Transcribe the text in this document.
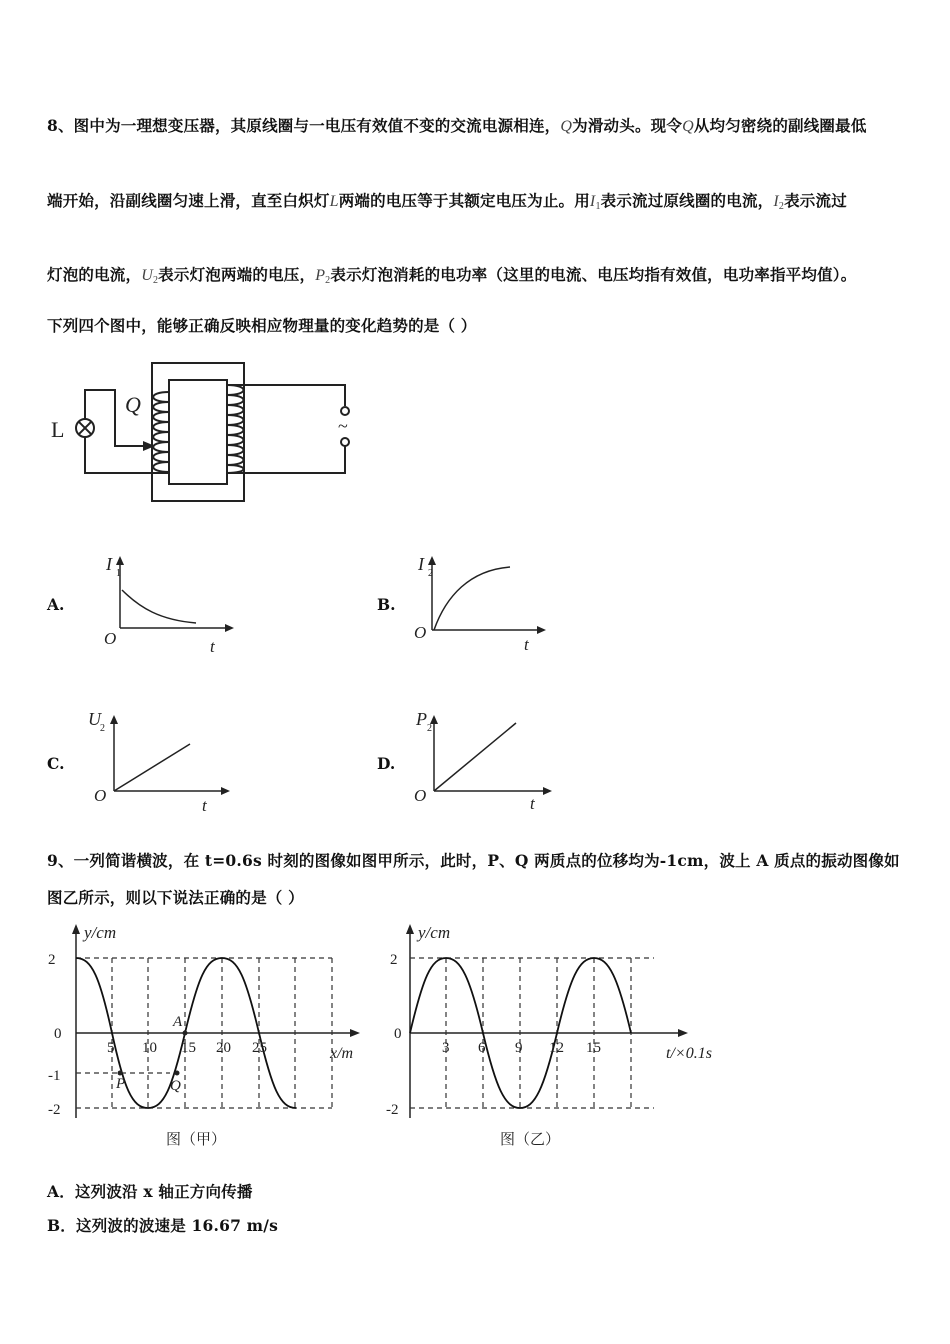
8、图中为一理想变压器，其原线圈与一电压有效值不变的交流电源相连，Q为滑动头。现令Q从均匀密绕的副线圈最低
端开始，沿副线圈匀速上滑，直至白炽灯L两端的电压等于其额定电压为止。用$I_1$表示流过原线圈的电流，$I_2$表示流过
灯泡的电流，$U_2$表示灯泡两端的电压，$P_2$表示灯泡消耗的电功率（这里的电流、电压均指有效值，电功率指平均值）。
下列四个图中，能够正确反映相应物理量的变化趋势的是（ ）
L
Q
~
A.
I 1
O	t
B.
I 2
O
t
C.
U 2
O
t
D.
P 2
O	t
9、一列简谐横波，在 t=0.6s 时刻的图像如图甲所示，此时，P、Q 两质点的位移均为-1cm，波上 A 质点的振动图像如
图乙所示，则以下说法正确的是（ ）
y/cm
x/m
2
0
-1
-2
5 10 15 20 25
A
P	Q
图（甲）
y/cm
t/×0.1s
2
0
-2
3 6 9 12 15
图（乙）
A．这列波沿 x 轴正方向传播
B．这列波的波速是 16.67 m/s
